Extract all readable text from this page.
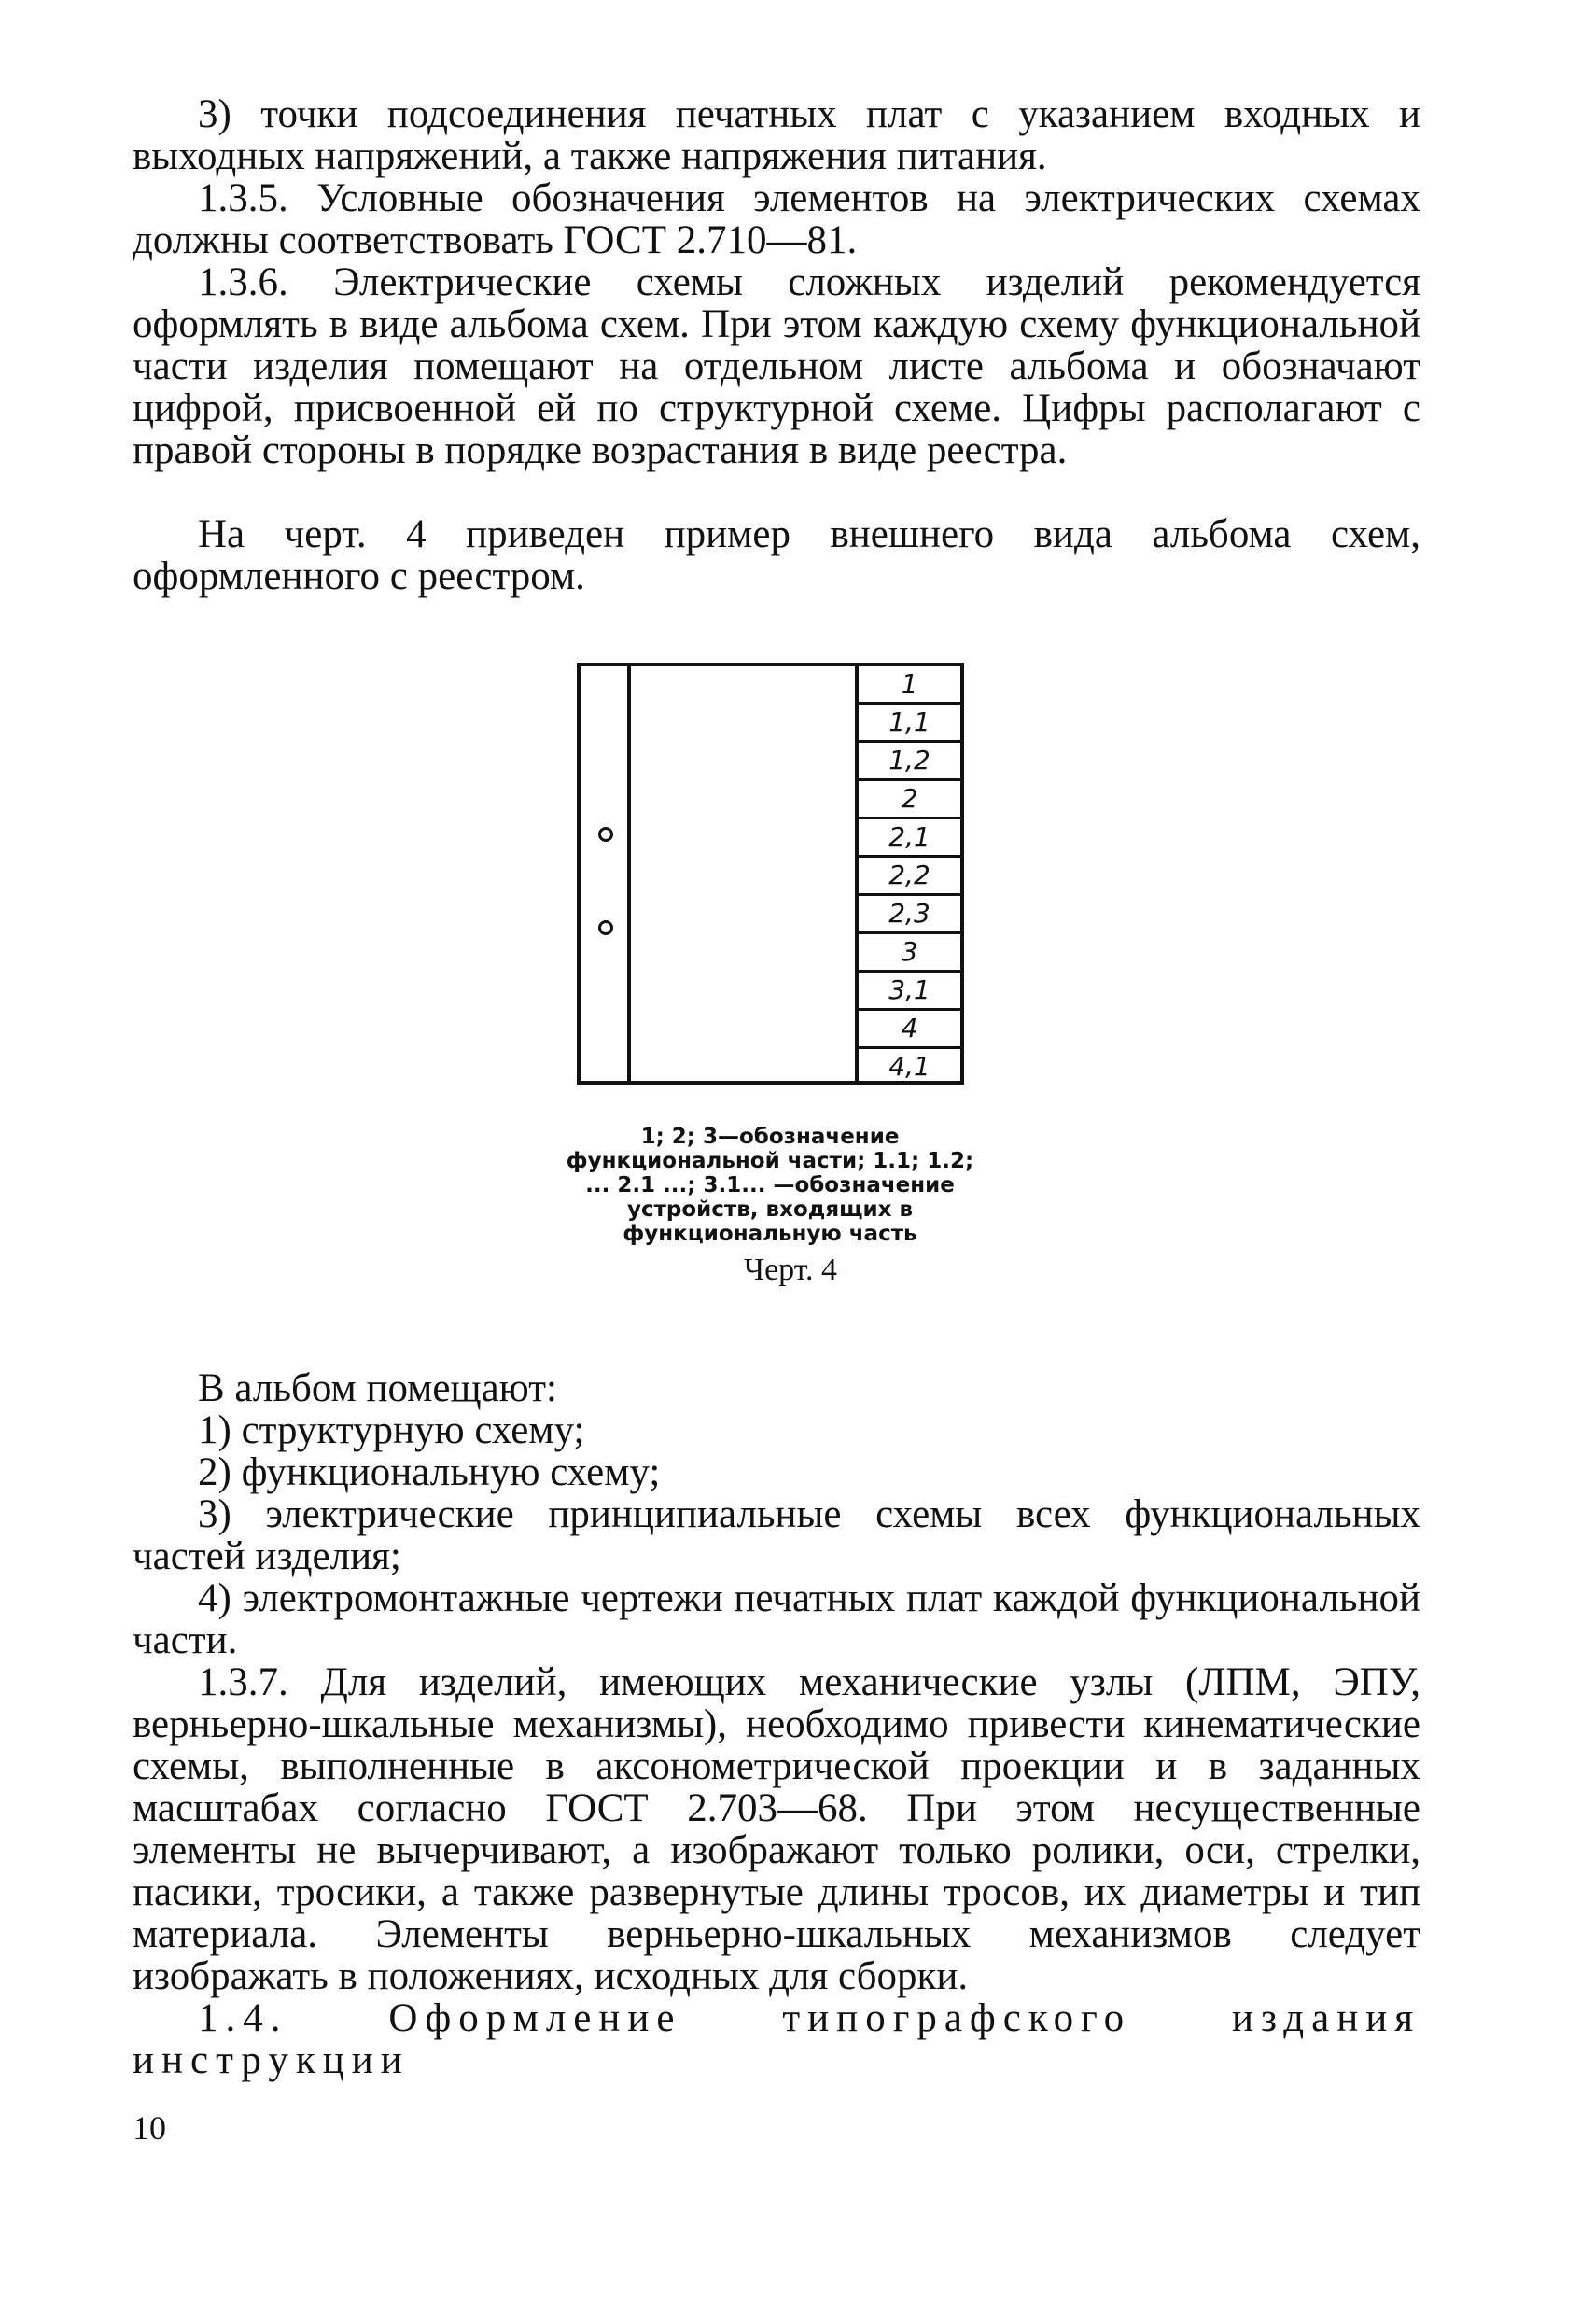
3) точки подсоединения печатных плат с указанием входных и выходных напряжений, а также напряжения питания.

1.3.5. Условные обозначения элементов на электрических схемах должны соответствовать ГОСТ 2.710—81.

1.3.6. Электрические схемы сложных изделий рекомендуется оформлять в виде альбома схем. При этом каждую схему функциональной части изделия помещают на отдельном листе альбома и обозначают цифрой, присвоенной ей по структурной схеме. Цифры располагают с правой стороны в порядке возрастания в виде реестра.

На черт. 4 приведен пример внешнего вида альбома схем, оформленного с реестром.

1
1,1
1,2
2
2,1
2,2
2,3
3
3,1
4
4,1

1; 2; 3—обозначение функциональной части; 1.1; 1.2; ... 2.1 ...; 3.1... —обозначение устройств, входящих в функциональную часть

Черт. 4

В альбом помещают:

1) структурную схему;

2) функциональную схему;

3) электрические принципиальные схемы всех функциональных частей изделия;

4) электромонтажные чертежи печатных плат каждой функциональной части.

1.3.7. Для изделий, имеющих механические узлы (ЛПМ, ЭПУ, верньерно-шкальные механизмы), необходимо привести кинематические схемы, выполненные в аксонометрической проекции и в заданных масштабах согласно ГОСТ 2.703—68. При этом несущественные элементы не вычерчивают, а изображают только ролики, оси, стрелки, пасики, тросики, а также развернутые длины тросов, их диаметры и тип материала. Элементы верньерно-шкальных механизмов следует изображать в положениях, исходных для сборки.

1.4. Оформление типографского издания инструкции

10
